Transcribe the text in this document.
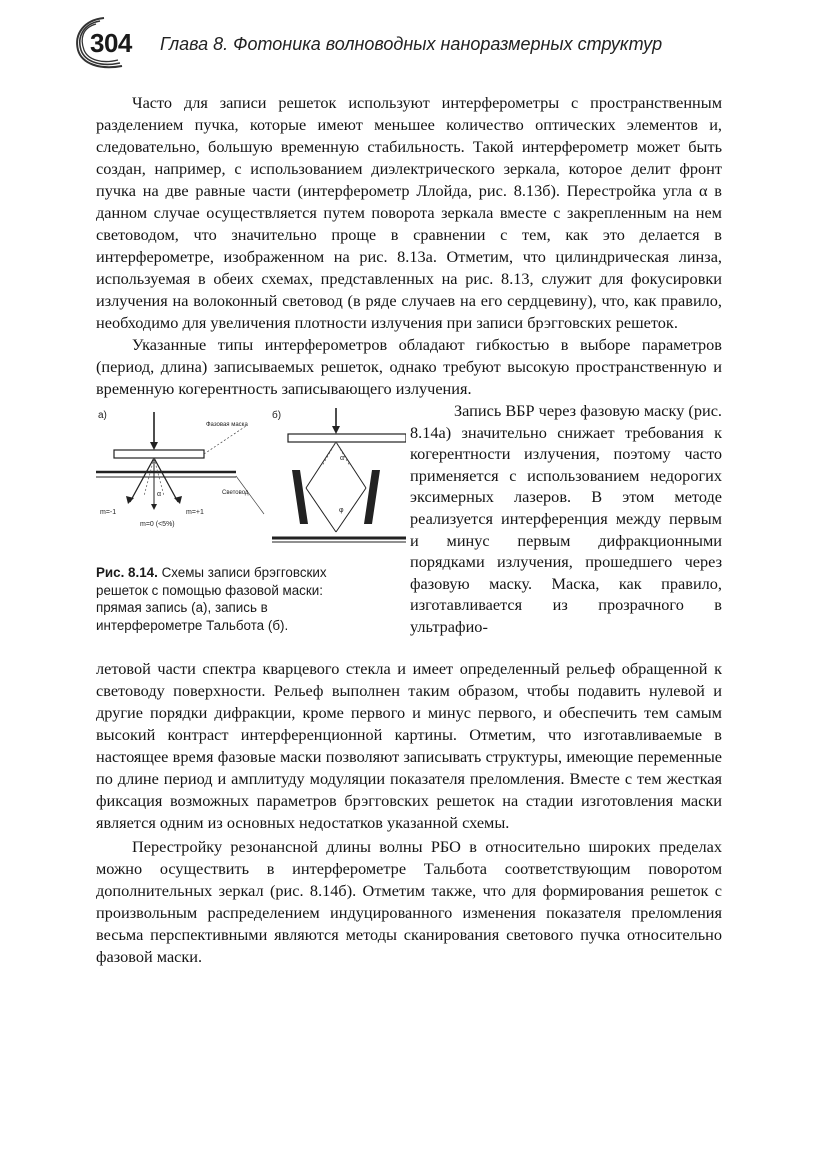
304 Глава 8. Фотоника волноводных наноразмерных структур

Часто для записи решеток используют интерферометры с пространственным разделением пучка, которые имеют меньшее количество оптических элементов и, следовательно, большую временную стабильность. Такой интерферометр может быть создан, например, с использованием диэлектрического зеркала, которое делит фронт пучка на две равные части (интерферометр Ллойда, рис. 8.13б). Перестройка угла α в данном случае осуществляется путем поворота зеркала вместе с закрепленным на нем световодом, что значительно проще в сравнении с тем, как это делается в интерферометре, изображенном на рис. 8.13а. Отметим, что цилиндрическая линза, используемая в обеих схемах, представленных на рис. 8.13, служит для фокусировки излучения на волоконный световод (в ряде случаев на его сердцевину), что, как правило, необходимо для увеличения плотности излучения при записи брэгговских решеток.

Указанные типы интерферометров обладают гибкостью в выборе параметров (период, длина) записываемых решеток, однако требуют высокую пространственную и временную когерентность записывающего излучения.

а)
Фазовая маска
α
m=-1	m=+1
m=0 (<5%)
Световод
б)
α
φ
Рис. 8.14. Схемы записи брэгговских решеток с помощью фазовой маски: прямая запись (а), запись в интерферометре Тальбота (б).
Запись ВБР через фазовую маску (рис. 8.14а) значительно снижает требования к когерентности излучения, поэтому часто применяется с использованием недорогих эксимерных лазеров. В этом методе реализуется интерференция между первым и минус первым дифракционными порядками излучения, прошедшего через фазовую маску. Маска, как правило, изготавливается из прозрачного в ультрафио-

летовой части спектра кварцевого стекла и имеет определенный рельеф обращенной к световоду поверхности. Рельеф выполнен таким образом, чтобы подавить нулевой и другие порядки дифракции, кроме первого и минус первого, и обеспечить тем самым высокий контраст интерференционной картины. Отметим, что изготавливаемые в настоящее время фазовые маски позволяют записывать структуры, имеющие переменные по длине период и амплитуду модуляции показателя преломления. Вместе с тем жесткая фиксация возможных параметров брэгговских решеток на стадии изготовления маски является одним из основных недостатков указанной схемы.

Перестройку резонансной длины волны РБО в относительно широких пределах можно осуществить в интерферометре Тальбота соответствующим поворотом дополнительных зеркал (рис. 8.14б). Отметим также, что для формирования решеток с произвольным распределением индуцированного изменения показателя преломления весьма перспективными являются методы сканирования светового пучка относительно фазовой маски.
